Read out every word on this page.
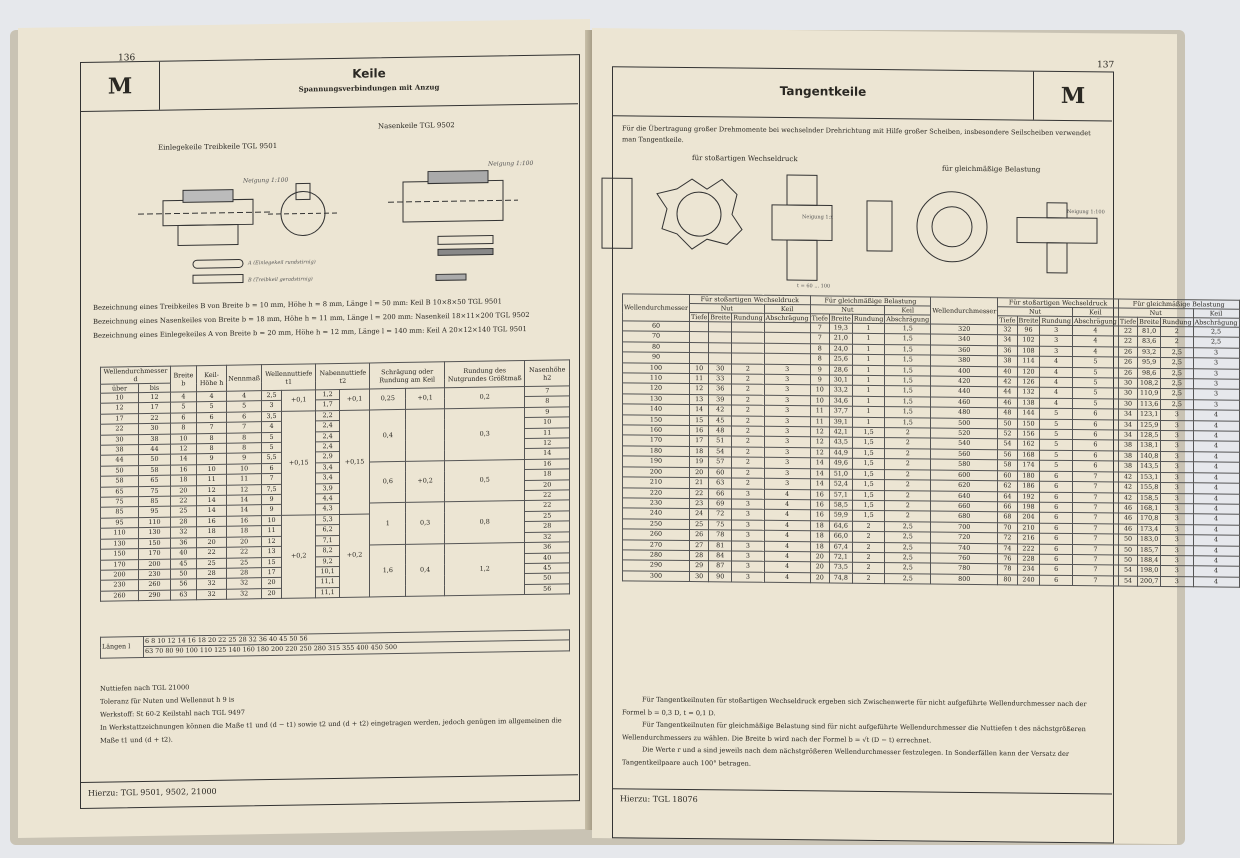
136
M	Keile
Spannungsverbindungen mit Anzug
Einlegekeile Treibkeile TGL 9501
Nasenkeile TGL 9502
Neigung 1:100
A (Einlegekeil rundstirnig)
B (Treibkeil geradstirnig)
Neigung 1:100
Bezeichnung eines Treibkeiles B von Breite b = 10 mm, Höhe h = 8 mm, Länge l = 50 mm: Keil B 10×8×50 TGL 9501
Bezeichnung eines Nasenkeiles von Breite b = 18 mm, Höhe h = 11 mm, Länge l = 200 mm: Nasenkeil 18×11×200 TGL 9502
Bezeichnung eines Einlegekeiles A von Breite b = 20 mm, Höhe h = 12 mm, Länge l = 140 mm: Keil A 20×12×140 TGL 9501
Wellendurchmesser d		Breite b	Keil-Höhe h	Nennmaß	Wellennuttiefe t1		Nabennuttiefe t2		Schrägung oder Rundung am Keil		Rundung des Nutgrundes Größtmaß	Nasenhöhe h2
über	bis											
10	12	4	4	4	2,5	+0,1	1,2	+0,1	0,25	+0,1	0,2	7
12	17	5	5	5	3		1,7					8
17	22	6	6	6	3,5	+0,15	2,2	+0,15	0,4		0,3	9
22	30	8	7	7	4		2,4					10
30	38	10	8	8	5		2,4					11
38	44	12	8	8	5		2,4					12
44	50	14	9	9	5,5		2,9					14
50	58	16	10	10	6		3,4		0,6	+0,2	0,5	16
58	65	18	11	11	7		3,4					18
65	75	20	12	12	7,5		3,9					20
75	85	22	14	14	9		4,4					22
85	95	25	14	14	9		4,3		1	0,3	0,8	22
95	110	28	16	16	10	+0,2	5,3	+0,2				25
110	130	32	18	18	11		6,2					28
130	150	36	20	20	12		7,1					32
150	170	40	22	22	13		8,2		1,6	0,4	1,2	36
170	200	45	25	25	15		9,2					40
200	230	50	28	28	17		10,1					45
230	260	56	32	32	20		11,1					50
260	290	63	32	32	20		11,1					56
Längen l	6 8 10 12 14 16 18 20 22 25 28 32 36 40 45 50 56
63 70 80 90 100 110 125 140 160 180 200 220 250 280 315 355 400 450 500
Nuttiefen nach TGL 21000
Toleranz für Nuten und Wellennut h 9 is
Werkstoff: St 60-2 Keilstahl nach TGL 9497
In Werkstattzeichnungen können die Maße t1 und (d − t1) sowie t2 und (d + t2) eingetragen werden, jedoch genügen im allgemeinen die Maße t1 und (d + t2).
Hierzu: TGL 9501, 9502, 21000
137
Tangentkeile	M
Für die Übertragung großer Drehmomente bei wechselnder Drehrichtung mit Hilfe großer Scheiben, insbesondere Seilscheiben verwendet man Tangentkeile.
für stoßartigen Wechseldruck
für gleichmäßige Belastung
Neigung 1:x
t = 60 ... 100
Neigung 1:100
Wellendurchmesser	Für stoßartigen Wechseldruck				Für gleichmäßige Belastung				Wellendurchmesser	Für stoßartigen Wechseldruck				Für gleichmäßige Belastung			
	Nut			Keil	Nut			Keil		Nut			Keil	Nut			Keil
	Tiefe	Breite	Rundung	Abschrägung	Tiefe	Breite	Rundung	Abschrägung		Tiefe	Breite	Rundung	Abschrägung	Tiefe	Breite	Rundung	Abschrägung
60					7	19,3	1	1,5	320	32	96	3	4	22	81,0	2	2,5
70					7	21,0	1	1,5	340	34	102	3	4	22	83,6	2	2,5
80					8	24,0	1	1,5	360	36	108	3	4	26	93,2	2,5	3
90					8	25,6	1	1,5	380	38	114	4	5	26	95,9	2,5	3
100	10	30	2	3	9	28,6	1	1,5	400	40	120	4	5	26	98,6	2,5	3
110	11	33	2	3	9	30,1	1	1,5	420	42	126	4	5	30	108,2	2,5	3
120	12	36	2	3	10	33,2	1	1,5	440	44	132	4	5	30	110,9	2,5	3
130	13	39	2	3	10	34,6	1	1,5	460	46	138	4	5	30	113,6	2,5	3
140	14	42	2	3	11	37,7	1	1,5	480	48	144	5	6	34	123,1	3	4
150	15	45	2	3	11	39,1	1	1,5	500	50	150	5	6	34	125,9	3	4
160	16	48	2	3	12	42,1	1,5	2	520	52	156	5	6	34	128,5	3	4
170	17	51	2	3	12	43,5	1,5	2	540	54	162	5	6	38	138,1	3	4
180	18	54	2	3	12	44,9	1,5	2	560	56	168	5	6	38	140,8	3	4
190	19	57	2	3	14	49,6	1,5	2	580	58	174	5	6	38	143,5	3	4
200	20	60	2	3	14	51,0	1,5	2	600	60	180	6	7	42	153,1	3	4
210	21	63	2	3	14	52,4	1,5	2	620	62	186	6	7	42	155,8	3	4
220	22	66	3	4	16	57,1	1,5	2	640	64	192	6	7	42	158,5	3	4
230	23	69	3	4	16	58,5	1,5	2	660	66	198	6	7	46	168,1	3	4
240	24	72	3	4	16	59,9	1,5	2	680	68	204	6	7	46	170,8	3	4
250	25	75	3	4	18	64,6	2	2,5	700	70	210	6	7	46	173,4	3	4
260	26	78	3	4	18	66,0	2	2,5	720	72	216	6	7	50	183,0	3	4
270	27	81	3	4	18	67,4	2	2,5	740	74	222	6	7	50	185,7	3	4
280	28	84	3	4	20	72,1	2	2,5	760	76	228	6	7	50	188,4	3	4
290	29	87	3	4	20	73,5	2	2,5	780	78	234	6	7	54	198,0	3	4
300	30	90	3	4	20	74,8	2	2,5	800	80	240	6	7	54	200,7	3	4
Für Tangentkeilnuten für stoßartigen Wechseldruck ergeben sich Zwischenwerte für nicht aufgeführte Wellendurchmesser nach der Formel b = 0,3 D, t = 0,1 D.
Für Tangentkeilnuten für gleichmäßige Belastung sind für nicht aufgeführte Wellendurchmesser die Nuttiefen t des nächstgrößeren Wellendurchmessers zu wählen. Die Breite b wird nach der Formel b = √t (D − t) errechnet.
Die Werte r und a sind jeweils nach dem nächstgrößeren Wellendurchmesser festzulegen. In Sonderfällen kann der Versatz der Tangentkeilpaare auch 100° betragen.
Hierzu: TGL 18076
